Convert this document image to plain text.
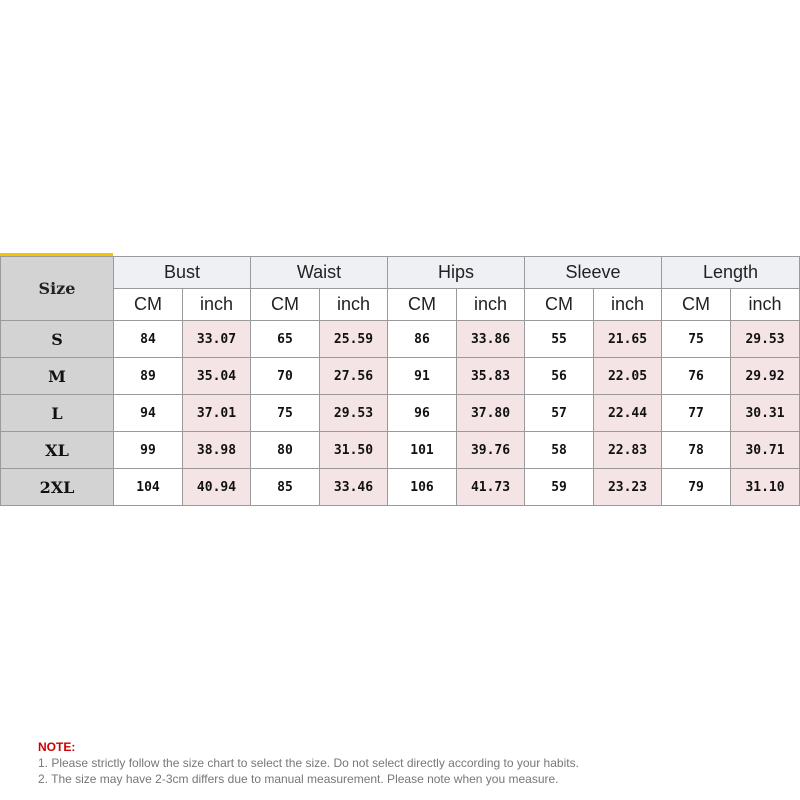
Size	Bust		Waist		Hips		Sleeve		Length	
	CM	inch	CM	inch	CM	inch	CM	inch	CM	inch
S	84	33.07	65	25.59	86	33.86	55	21.65	75	29.53
M	89	35.04	70	27.56	91	35.83	56	22.05	76	29.92
L	94	37.01	75	29.53	96	37.80	57	22.44	77	30.31
XL	99	38.98	80	31.50	101	39.76	58	22.83	78	30.71
2XL	104	40.94	85	33.46	106	41.73	59	23.23	79	31.10
NOTE:
1. Please strictly follow the size chart to select the size. Do not select directly according to your habits.
2. The size may have 2-3cm differs due to manual measurement. Please note when you measure.
